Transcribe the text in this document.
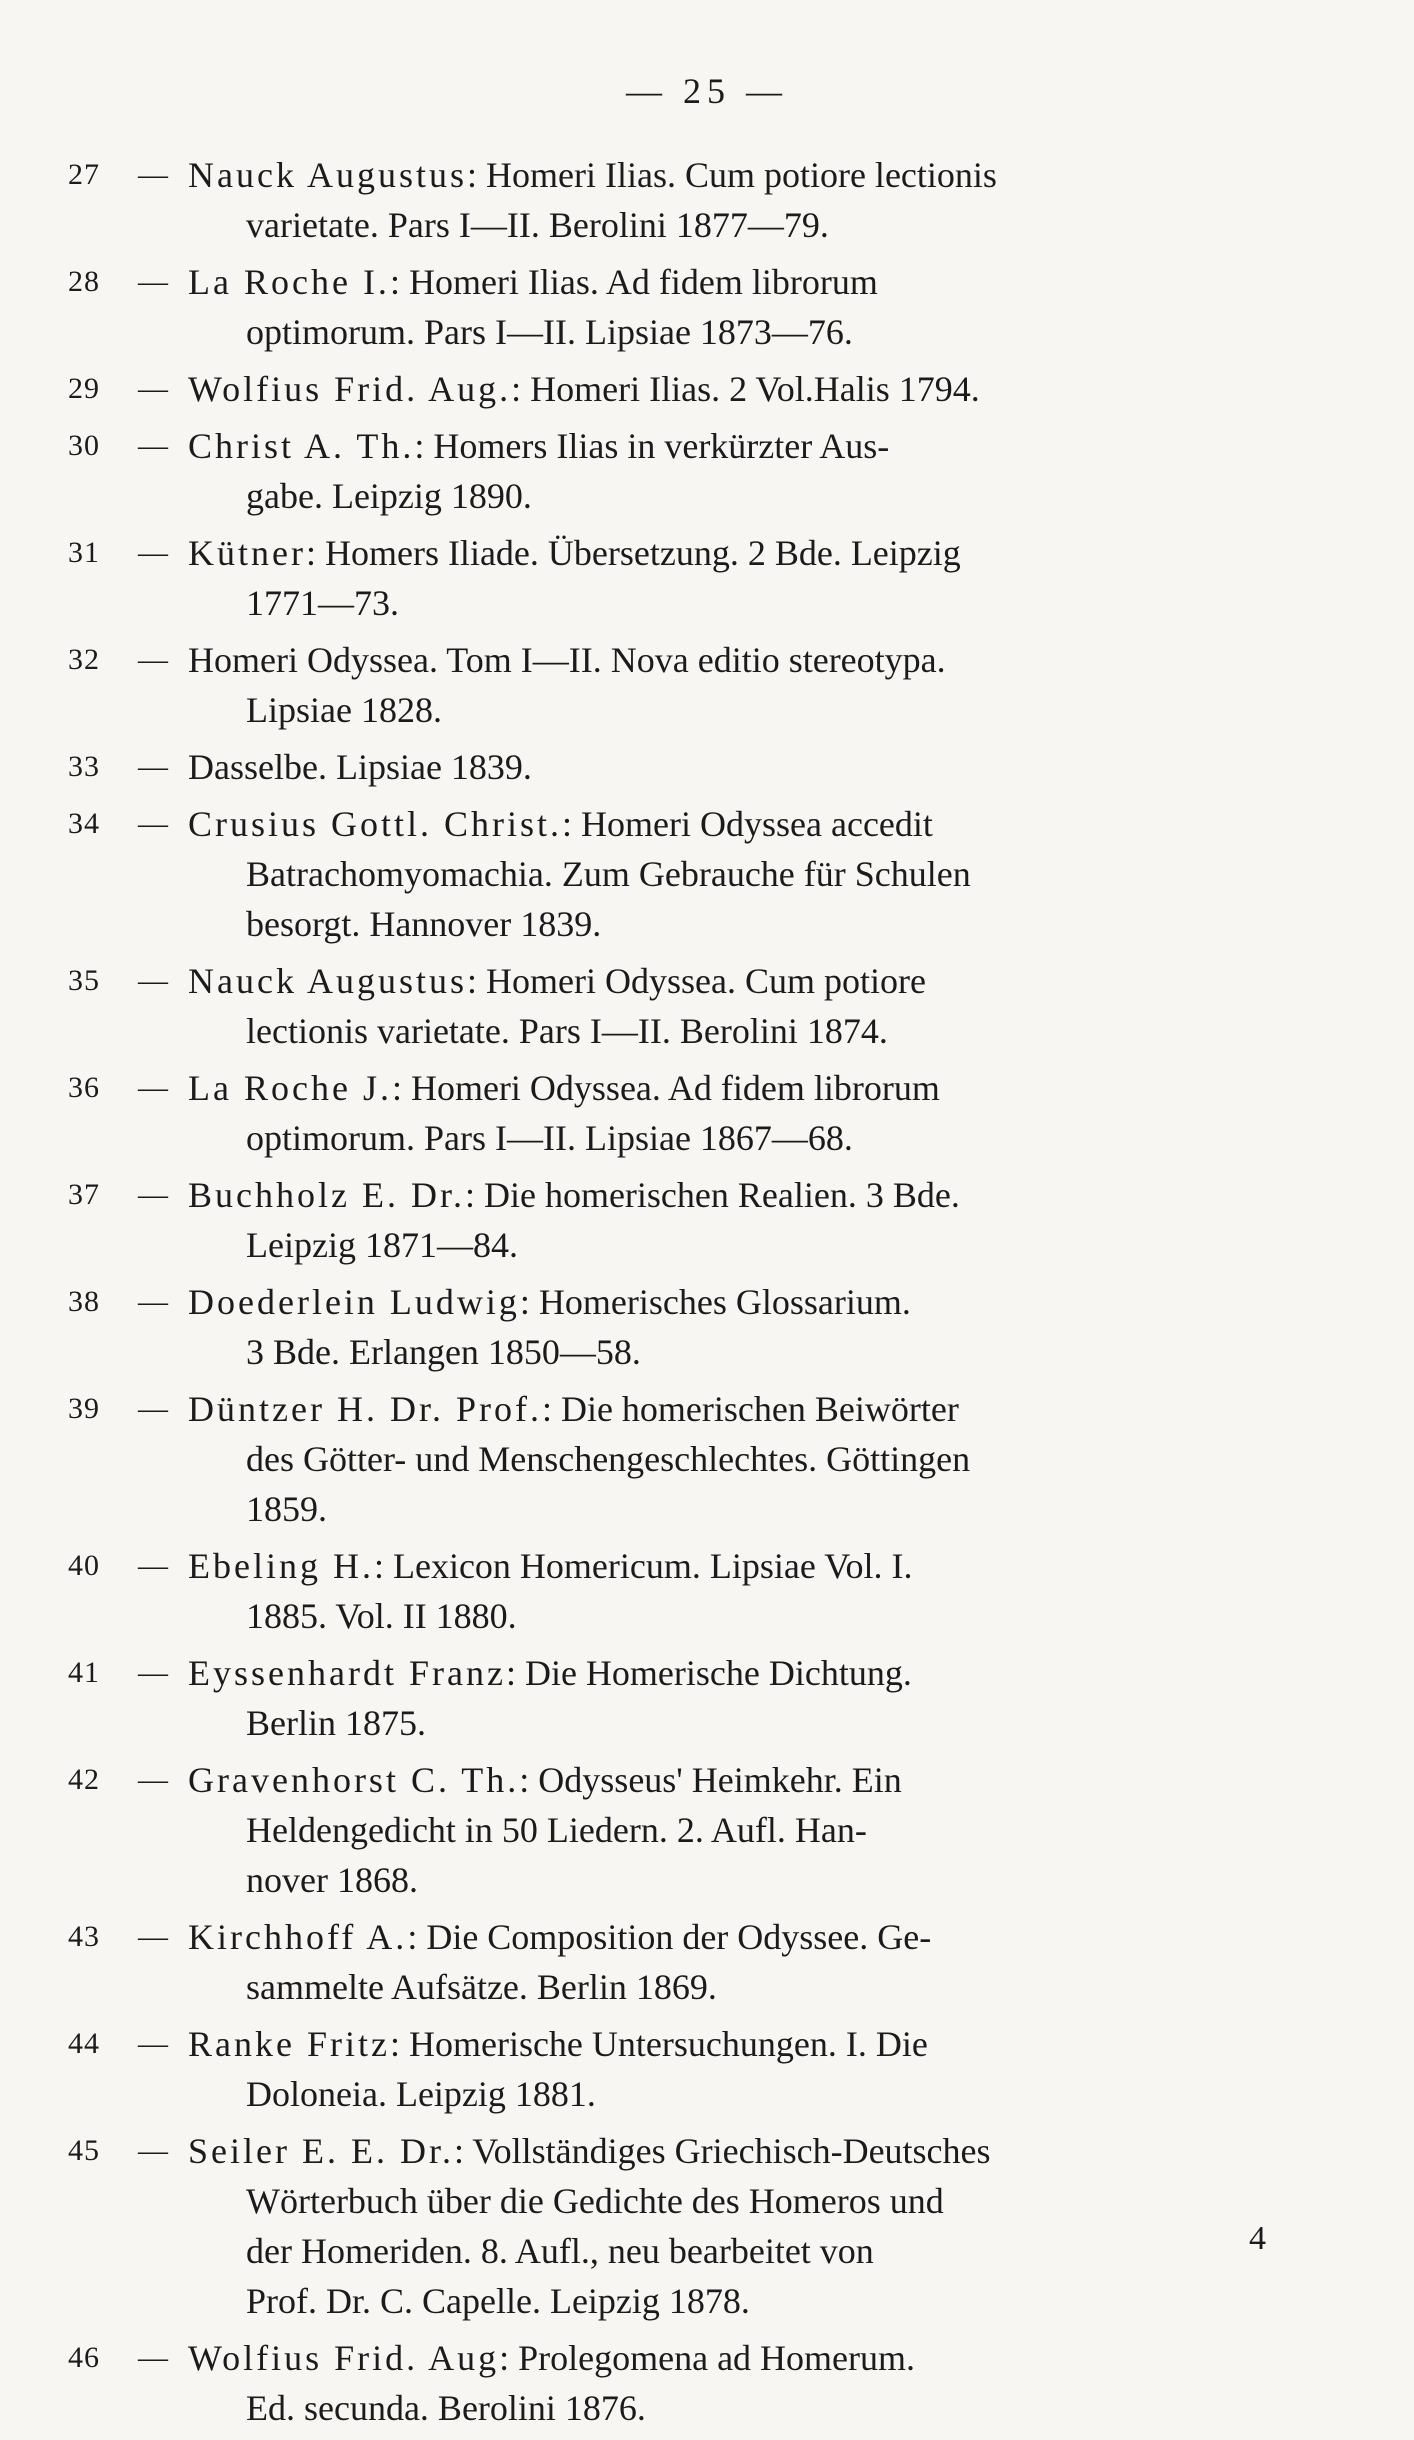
— 25 —
27	— Nauck Augustus: Homeri Ilias. Cum potiore lectionis
varietate. Pars I—II. Berolini 1877—79.
28	— La Roche I.: Homeri Ilias. Ad fidem librorum
optimorum. Pars I—II. Lipsiae 1873—76.
29	— Wolfius Frid. Aug.: Homeri Ilias. 2 Vol.Halis 1794.
30	— Christ A. Th.: Homers Ilias in verkürzter Aus-
gabe. Leipzig 1890.
31	— Kütner: Homers Iliade. Übersetzung. 2 Bde. Leipzig
1771—73.
32	— Homeri Odyssea. Tom I—II. Nova editio stereotypa.
Lipsiae 1828.
33	— Dasselbe. Lipsiae 1839.
34	— Crusius Gottl. Christ.: Homeri Odyssea accedit
Batrachomyomachia. Zum Gebrauche für Schulen
besorgt. Hannover 1839.
35	— Nauck Augustus: Homeri Odyssea. Cum potiore
lectionis varietate. Pars I—II. Berolini 1874.
36	— La Roche J.: Homeri Odyssea. Ad fidem librorum
optimorum. Pars I—II. Lipsiae 1867—68.
37	— Buchholz E. Dr.: Die homerischen Realien. 3 Bde.
Leipzig 1871—84.
38	— Doederlein Ludwig: Homerisches Glossarium.
3 Bde. Erlangen 1850—58.
39	— Düntzer H. Dr. Prof.: Die homerischen Beiwörter
des Götter- und Menschengeschlechtes. Göttingen
1859.
40	— Ebeling H.: Lexicon Homericum. Lipsiae Vol. I.
1885. Vol. II 1880.
41	— Eyssenhardt Franz: Die Homerische Dichtung.
Berlin 1875.
42	— Gravenhorst C. Th.: Odysseus' Heimkehr. Ein
Heldengedicht in 50 Liedern. 2. Aufl. Han-
nover 1868.
43	— Kirchhoff A.: Die Composition der Odyssee. Ge-
sammelte Aufsätze. Berlin 1869.
44	— Ranke Fritz: Homerische Untersuchungen. I. Die
Doloneia. Leipzig 1881.
45	— Seiler E. E. Dr.: Vollständiges Griechisch-Deutsches
Wörterbuch über die Gedichte des Homeros und
der Homeriden. 8. Aufl., neu bearbeitet von
Prof. Dr. C. Capelle. Leipzig 1878.
46	— Wolfius Frid. Aug: Prolegomena ad Homerum.
Ed. secunda. Berolini 1876.
4
